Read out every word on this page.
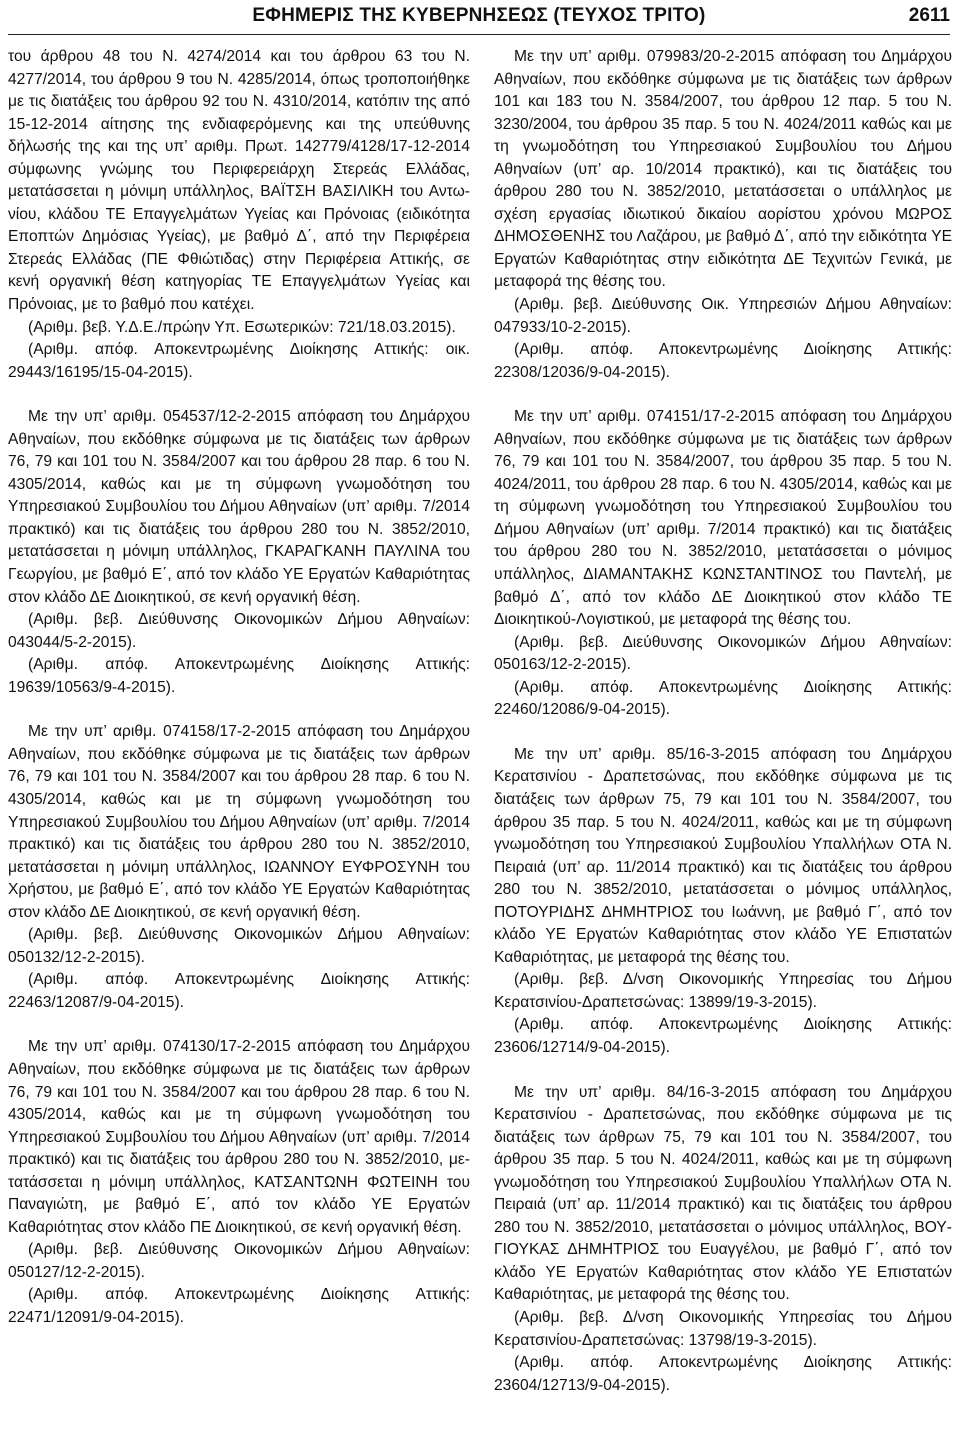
ΕΦΗΜΕΡΙΣ ΤΗΣ ΚΥΒΕΡΝΗΣΕΩΣ (ΤΕΥΧΟΣ ΤΡΙΤΟ)	2611

του άρθρου 48 του Ν. 4274/2014 και του άρθρου 63 του Ν. 4277/2014, του άρθρου 9 του Ν. 4285/2014, όπως τροποποιήθηκε με τις διατάξεις του άρθρου 92 του Ν. 4310/2014, κατόπιν της από 15-12-2014 αίτησης της ενδιαφερόμενης και της υπεύθυνης δήλωσής της και της υπ’ αριθμ. Πρωτ. 142779/4128/17-12-2014 σύμφωνης γνώμης του Περιφερειάρχη Στερεάς Ελλάδας, μετατάσσεται η μόνιμη υπάλληλος, ΒΑΪΤΣΗ ΒΑΣΙΛΙΚΗ του Αντωνίου, κλάδου ΤΕ Επαγγελμάτων Υγείας και Πρόνοιας (ειδικότητα Εποπτών Δημόσιας Υγείας), με βαθμό Δ΄, από την Περιφέρεια Στερεάς Ελλάδας (ΠΕ Φθιώτιδας) στην Περιφέρεια Αττικής, σε κενή οργανική θέση κατηγορίας ΤΕ Επαγγελμάτων Υγείας και Πρόνοιας, με το βαθμό που κατέχει.

(Αριθμ. βεβ. Υ.Δ.Ε./πρώην Υπ. Εσωτερικών: 721/18.03.2015).

(Αριθμ. απόφ. Αποκεντρωμένης Διοίκησης Αττικής: οικ. 29443/16195/15-04-2015).

Με την υπ’ αριθμ. 054537/12-2-2015 απόφαση του Δημάρχου Αθηναίων, που εκδόθηκε σύμφωνα με τις διατάξεις των άρθρων 76, 79 και 101 του Ν. 3584/2007 και του άρθρου 28 παρ. 6 του Ν. 4305/2014, καθώς και με τη σύμφωνη γνωμοδότηση του Υπηρεσιακού Συμβουλίου του Δήμου Αθηναίων (υπ’ αριθμ. 7/2014 πρακτικό) και τις διατάξεις του άρθρου 280 του Ν. 3852/2010, μετατάσσεται η μόνιμη υπάλληλος, ΓΚΑΡΑΓΚΑΝΗ ΠΑΥΛΙΝΑ του Γεωργίου, με βαθμό Ε΄, από τον κλάδο ΥΕ Εργατών Καθαριότητας στον κλάδο ΔΕ Διοικητικού, σε κενή οργανική θέση.

(Αριθμ. βεβ. Διεύθυνσης Οικονομικών Δήμου Αθηναίων: 043044/5-2-2015).

(Αριθμ. απόφ. Αποκεντρωμένης Διοίκησης Αττικής: 19639/10563/9-4-2015).

Με την υπ’ αριθμ. 074158/17-2-2015 απόφαση του Δημάρχου Αθηναίων, που εκδόθηκε σύμφωνα με τις διατάξεις των άρθρων 76, 79 και 101 του Ν. 3584/2007 και του άρθρου 28 παρ. 6 του Ν. 4305/2014, καθώς και με τη σύμφωνη γνωμοδότηση του Υπηρεσιακού Συμβουλίου του Δήμου Αθηναίων (υπ’ αριθμ. 7/2014 πρακτικό) και τις διατάξεις του άρθρου 280 του Ν. 3852/2010, μετατάσσεται η μόνιμη υπάλληλος, ΙΩΑΝΝΟΥ ΕΥΦΡΟΣΥΝΗ του Χρήστου, με βαθμό Ε΄, από τον κλάδο ΥΕ Εργατών Καθαριότητας στον κλάδο ΔΕ Διοικητικού, σε κενή οργανική θέση.

(Αριθμ. βεβ. Διεύθυνσης Οικονομικών Δήμου Αθηναίων: 050132/12-2-2015).

(Αριθμ. απόφ. Αποκεντρωμένης Διοίκησης Αττικής: 22463/12087/9-04-2015).

Με την υπ’ αριθμ. 074130/17-2-2015 απόφαση του Δημάρχου Αθηναίων, που εκδόθηκε σύμφωνα με τις διατάξεις των άρθρων 76, 79 και 101 του Ν. 3584/2007 και του άρθρου 28 παρ. 6 του Ν. 4305/2014, καθώς και με τη σύμφωνη γνωμοδότηση του Υπηρεσιακού Συμβουλίου του Δήμου Αθηναίων (υπ’ αριθμ. 7/2014 πρακτικό) και τις διατάξεις του άρθρου 280 του Ν. 3852/2010, μετατάσσεται η μόνιμη υπάλληλος, ΚΑΤΣΑΝΤΩΝΗ ΦΩΤΕΙΝΗ του Παναγιώτη, με βαθμό Ε΄, από τον κλάδο ΥΕ Εργατών Καθαριότητας στον κλάδο ΠΕ Διοικητικού, σε κενή οργανική θέση.

(Αριθμ. βεβ. Διεύθυνσης Οικονομικών Δήμου Αθηναίων: 050127/12-2-2015).

(Αριθμ. απόφ. Αποκεντρωμένης Διοίκησης Αττικής: 22471/12091/9-04-2015).

Με την υπ’ αριθμ. 079983/20-2-2015 απόφαση του Δημάρχου Αθηναίων, που εκδόθηκε σύμφωνα με τις διατάξεις των άρθρων 101 και 183 του Ν. 3584/2007, του άρθρου 12 παρ. 5 του Ν. 3230/2004, του άρθρου 35 παρ. 5 του Ν. 4024/2011 καθώς και με τη γνωμοδότηση του Υπηρεσιακού Συμβουλίου του Δήμου Αθηναίων (υπ’ αρ. 10/2014 πρακτικό), και τις διατάξεις του άρθρου 280 του Ν. 3852/2010, μετατάσσεται ο υπάλληλος με σχέση εργασίας ιδιωτικού δικαίου αορίστου χρόνου ΜΩΡΟΣ ΔΗΜΟΣΘΕΝΗΣ του Λαζάρου, με βαθμό Δ΄, από την ειδικότητα ΥΕ Εργατών Καθαριότητας στην ειδικότητα ΔΕ Τεχνιτών Γενικά, με μεταφορά της θέσης του.

(Αριθμ. βεβ. Διεύθυνσης Οικ. Υπηρεσιών Δήμου Αθηναίων: 047933/10-2-2015).

(Αριθμ. απόφ. Αποκεντρωμένης Διοίκησης Αττικής: 22308/12036/9-04-2015).

Με την υπ’ αριθμ. 074151/17-2-2015 απόφαση του Δημάρχου Αθηναίων, που εκδόθηκε σύμφωνα με τις διατάξεις των άρθρων 76, 79 και 101 του Ν. 3584/2007, του άρθρου 35 παρ. 5 του Ν. 4024/2011, του άρθρου 28 παρ. 6 του Ν. 4305/2014, καθώς και με τη σύμφωνη γνωμοδότηση του Υπηρεσιακού Συμβουλίου του Δήμου Αθηναίων (υπ’ αριθμ. 7/2014 πρακτικό) και τις διατάξεις του άρθρου 280 του Ν. 3852/2010, μετατάσσεται ο μόνιμος υπάλληλος, ΔΙΑΜΑΝΤΑΚΗΣ ΚΩΝΣΤΑΝΤΙΝΟΣ του Παντελή, με βαθμό Δ΄, από τον κλάδο ΔΕ Διοικητικού στον κλάδο ΤΕ Διοικητικού-Λογιστικού, με μεταφορά της θέσης του.

(Αριθμ. βεβ. Διεύθυνσης Οικονομικών Δήμου Αθηναίων: 050163/12-2-2015).

(Αριθμ. απόφ. Αποκεντρωμένης Διοίκησης Αττικής: 22460/12086/9-04-2015).

Με την υπ’ αριθμ. 85/16-3-2015 απόφαση του Δημάρχου Κερατσινίου - Δραπετσώνας, που εκδόθηκε σύμφωνα με τις διατάξεις των άρθρων 75, 79 και 101 του Ν. 3584/2007, του άρθρου 35 παρ. 5 του Ν. 4024/2011, καθώς και με τη σύμφωνη γνωμοδότηση του Υπηρεσιακού Συμβουλίου Υπαλλήλων ΟΤΑ Ν. Πειραιά (υπ’ αρ. 11/2014 πρακτικό) και τις διατάξεις του άρθρου 280 του Ν. 3852/2010, μετατάσσεται ο μόνιμος υπάλληλος, ΠΟΤΟΥΡΙΔΗΣ ΔΗΜΗΤΡΙΟΣ του Ιωάννη, με βαθμό Γ΄, από τον κλάδο ΥΕ Εργατών Καθαριότητας στον κλάδο ΥΕ Επιστατών Καθαριότητας, με μεταφορά της θέσης του.

(Αριθμ. βεβ. Δ/νση Οικονομικής Υπηρεσίας του Δήμου Κερατσινίου-Δραπετσώνας: 13899/19-3-2015).

(Αριθμ. απόφ. Αποκεντρωμένης Διοίκησης Αττικής: 23606/12714/9-04-2015).

Με την υπ’ αριθμ. 84/16-3-2015 απόφαση του Δημάρχου Κερατσινίου - Δραπετσώνας, που εκδόθηκε σύμφωνα με τις διατάξεις των άρθρων 75, 79 και 101 του Ν. 3584/2007, του άρθρου 35 παρ. 5 του Ν. 4024/2011, καθώς και με τη σύμφωνη γνωμοδότηση του Υπηρεσιακού Συμβουλίου Υπαλλήλων ΟΤΑ Ν. Πειραιά (υπ’ αρ. 11/2014 πρακτικό) και τις διατάξεις του άρθρου 280 του Ν. 3852/2010, μετατάσσεται ο μόνιμος υπάλληλος, ΒΟΥΓΙΟΥΚΑΣ ΔΗΜΗΤΡΙΟΣ του Ευαγγέλου, με βαθμό Γ΄, από τον κλάδο ΥΕ Εργατών Καθαριότητας στον κλάδο ΥΕ Επιστατών Καθαριότητας, με μεταφορά της θέσης του.

(Αριθμ. βεβ. Δ/νση Οικονομικής Υπηρεσίας του Δήμου Κερατσινίου-Δραπετσώνας: 13798/19-3-2015).

(Αριθμ. απόφ. Αποκεντρωμένης Διοίκησης Αττικής: 23604/12713/9-04-2015).
